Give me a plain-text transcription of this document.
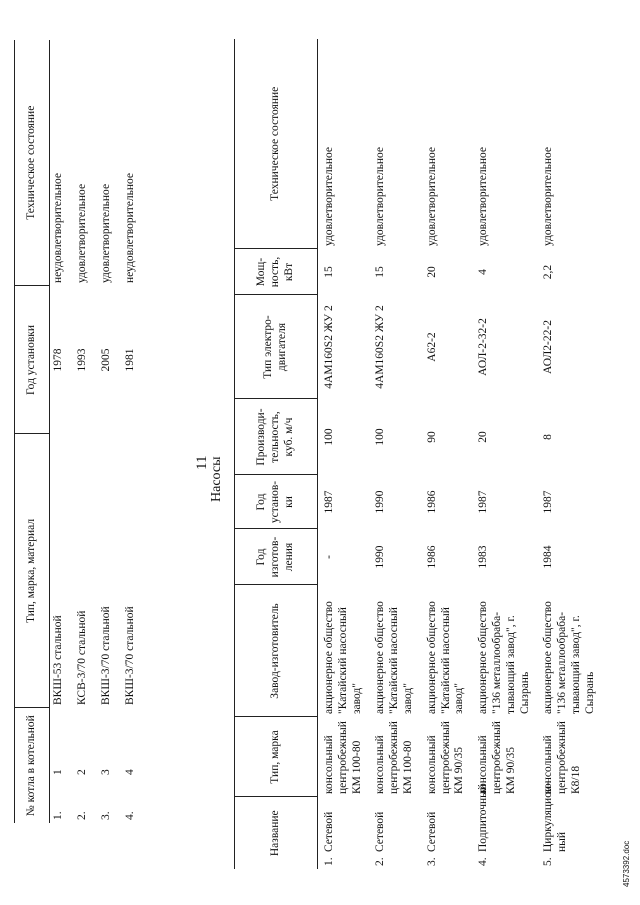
№ котла в котельной		Тип, марка, материал	Год установки	Техническое состояние
1.	1	ВКШ-53 стальной	1978	неудовлетворительное
2.	2	КСВ-3/70 стальной	1993	удовлетворительное
3.	3	ВКШ-3/70 стальной	2005	удовлетворительное
4.	4	ВКШ-3/70 стальной	1981	неудовлетворительное
11 Насосы
Название		Тип, марка	Завод-изготовитель	Год изготов-ления	Год установ-ки	Производи-тельность, куб. м/ч	Тип электро-двигателя	Мощ-ность, кВт	Техническое состояние
1.	Сетевой	консольный центробежный КМ 100-80	акционерное общество "Катайский насосный завод"	-	1987	100	4АМ160S2 ЖУ 2	15	удовлетворительное
2.	Сетевой	консольный центробежный КМ 100-80	акционерное общество "Катайский насосный завод"	1990	1990	100	4АМ160S2 ЖУ 2	15	удовлетворительное
3.	Сетевой	консольный центробежный КМ 90/35	акционерное общество "Катайский насосный завод"	1986	1986	90	А62-2	20	удовлетворительное
4.	Подпиточный	консольный центробежный КМ 90/35	акционерное общество "136 металлообраба-тывающий завод", г. Сызрань	1983	1987	20	АОЛ-2-32-2	4	удовлетворительное
5.	Циркуляцион-ный	консольный центробежный К8/18	акционерное общество "136 металлообраба-тывающий завод", г. Сызрань	1984	1987	8	АОЛ2-22-2	2,2	удовлетворительное
4573392.doc
